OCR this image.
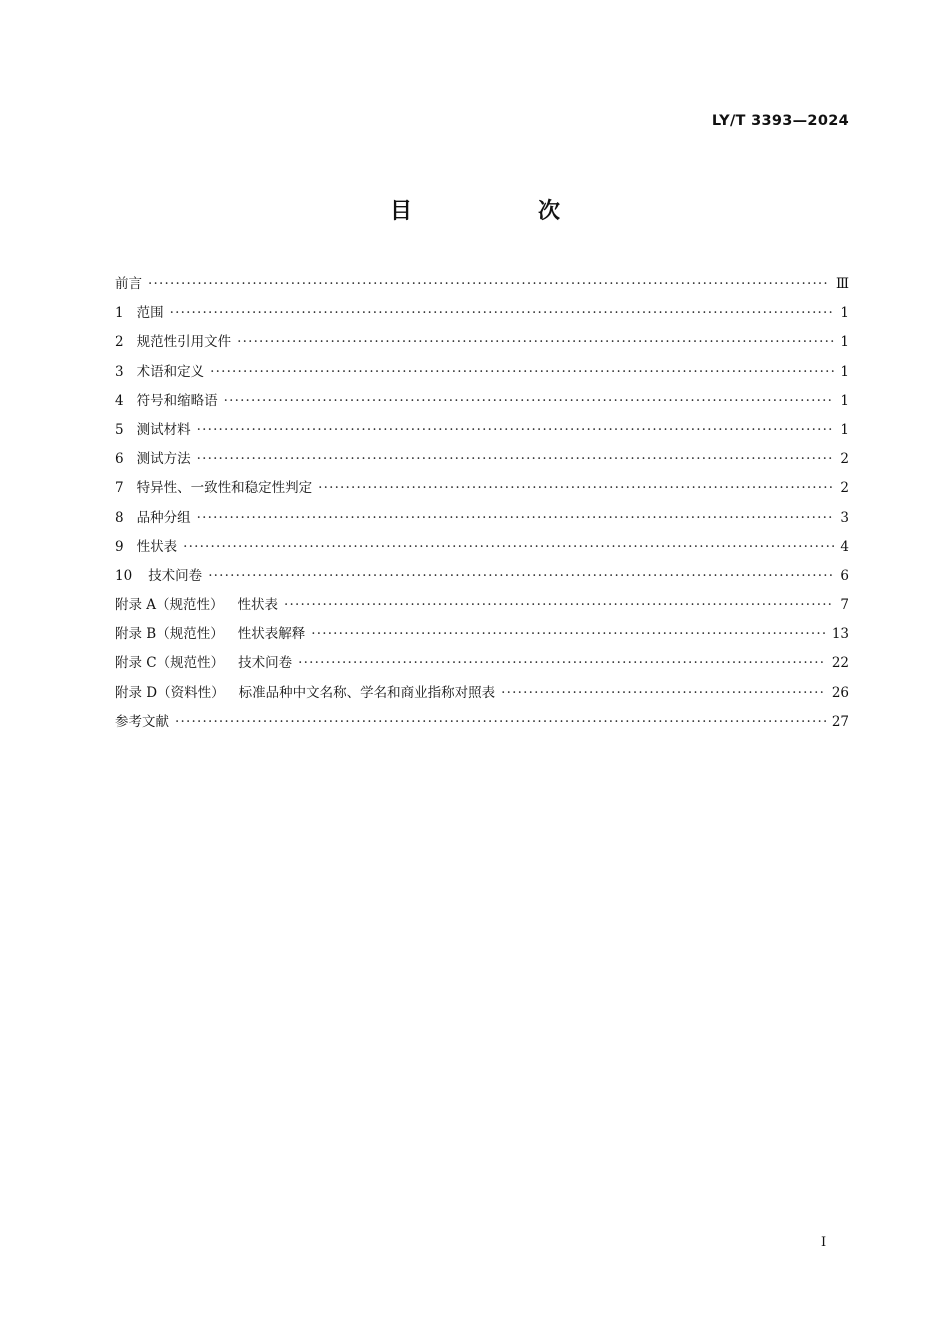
LY/T 3393—2024
目　次
前言 ·····	Ⅲ
1 范围 ·····	1
2 规范性引用文件 ·····	1
3 术语和定义 ·····	1
4 符号和缩略语 ·····	1
5 测试材料 ·····	1
6 测试方法 ·····	2
7 特异性、一致性和稳定性判定 ·····	2
8 品种分组 ·····	3
9 性状表 ·····	4
10 技术问卷 ·····	6
附录 A（规范性） 性状表 ·····	7
附录 B（规范性） 性状表解释 ·····	13
附录 C（规范性） 技术问卷 ·····	22
附录 D（资料性） 标准品种中文名称、学名和商业指称对照表 ·····	26
参考文献 ·····	27
I
